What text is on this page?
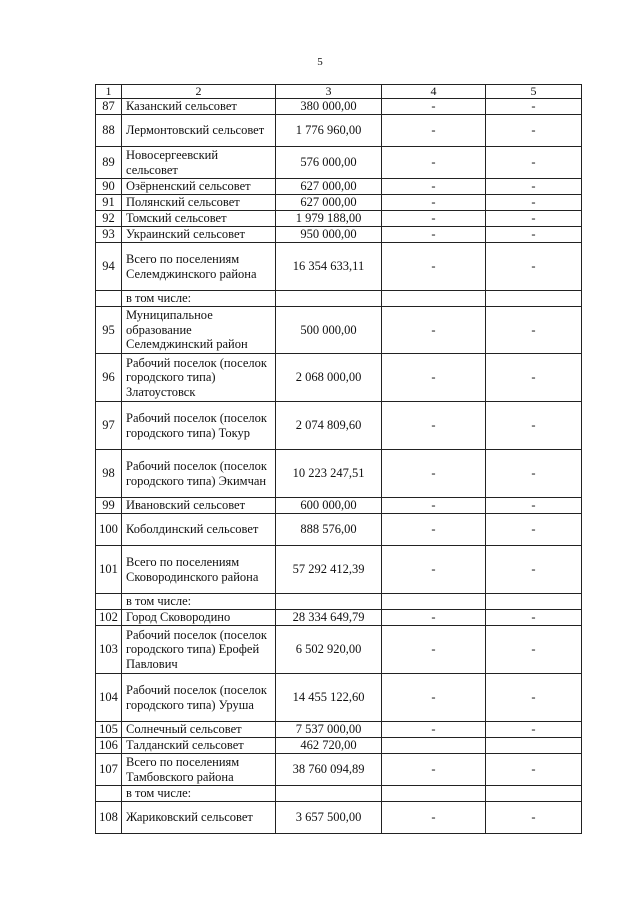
5
1	2	3	4	5
87	Казанский сельсовет	380 000,00	-	-
88	Лермонтовский сельсовет	1 776 960,00	-	-
89	Новосергеевский сельсовет	576 000,00	-	-
90	Озёрненский сельсовет	627 000,00	-	-
91	Полянский сельсовет	627 000,00	-	-
92	Томский сельсовет	1 979 188,00	-	-
93	Украинский сельсовет	950 000,00	-	-
94	Всего по поселениям Селемджинского района	16 354 633,11	-	-
	в том числе:			
95	Муниципальное образование Селемджинский район	500 000,00	-	-
96	Рабочий поселок (поселок городского типа) Златоустовск	2 068 000,00	-	-
97	Рабочий поселок (поселок городского типа) Токур	2 074 809,60	-	-
98	Рабочий поселок (поселок городского типа) Экимчан	10 223 247,51	-	-
99	Ивановский сельсовет	600 000,00	-	-
100	Коболдинский сельсовет	888 576,00	-	-
101	Всего по поселениям Сковородинского района	57 292 412,39	-	-
	в том числе:			
102	Город Сковородино	28 334 649,79	-	-
103	Рабочий поселок (поселок городского типа) Ерофей Павлович	6 502 920,00	-	-
104	Рабочий поселок (поселок городского типа) Уруша	14 455 122,60	-	-
105	Солнечный сельсовет	7 537 000,00	-	-
106	Талданский сельсовет	462 720,00		
107	Всего по поселениям Тамбовского района	38 760 094,89	-	-
	в том числе:			
108	Жариковский сельсовет	3 657 500,00	-	-
